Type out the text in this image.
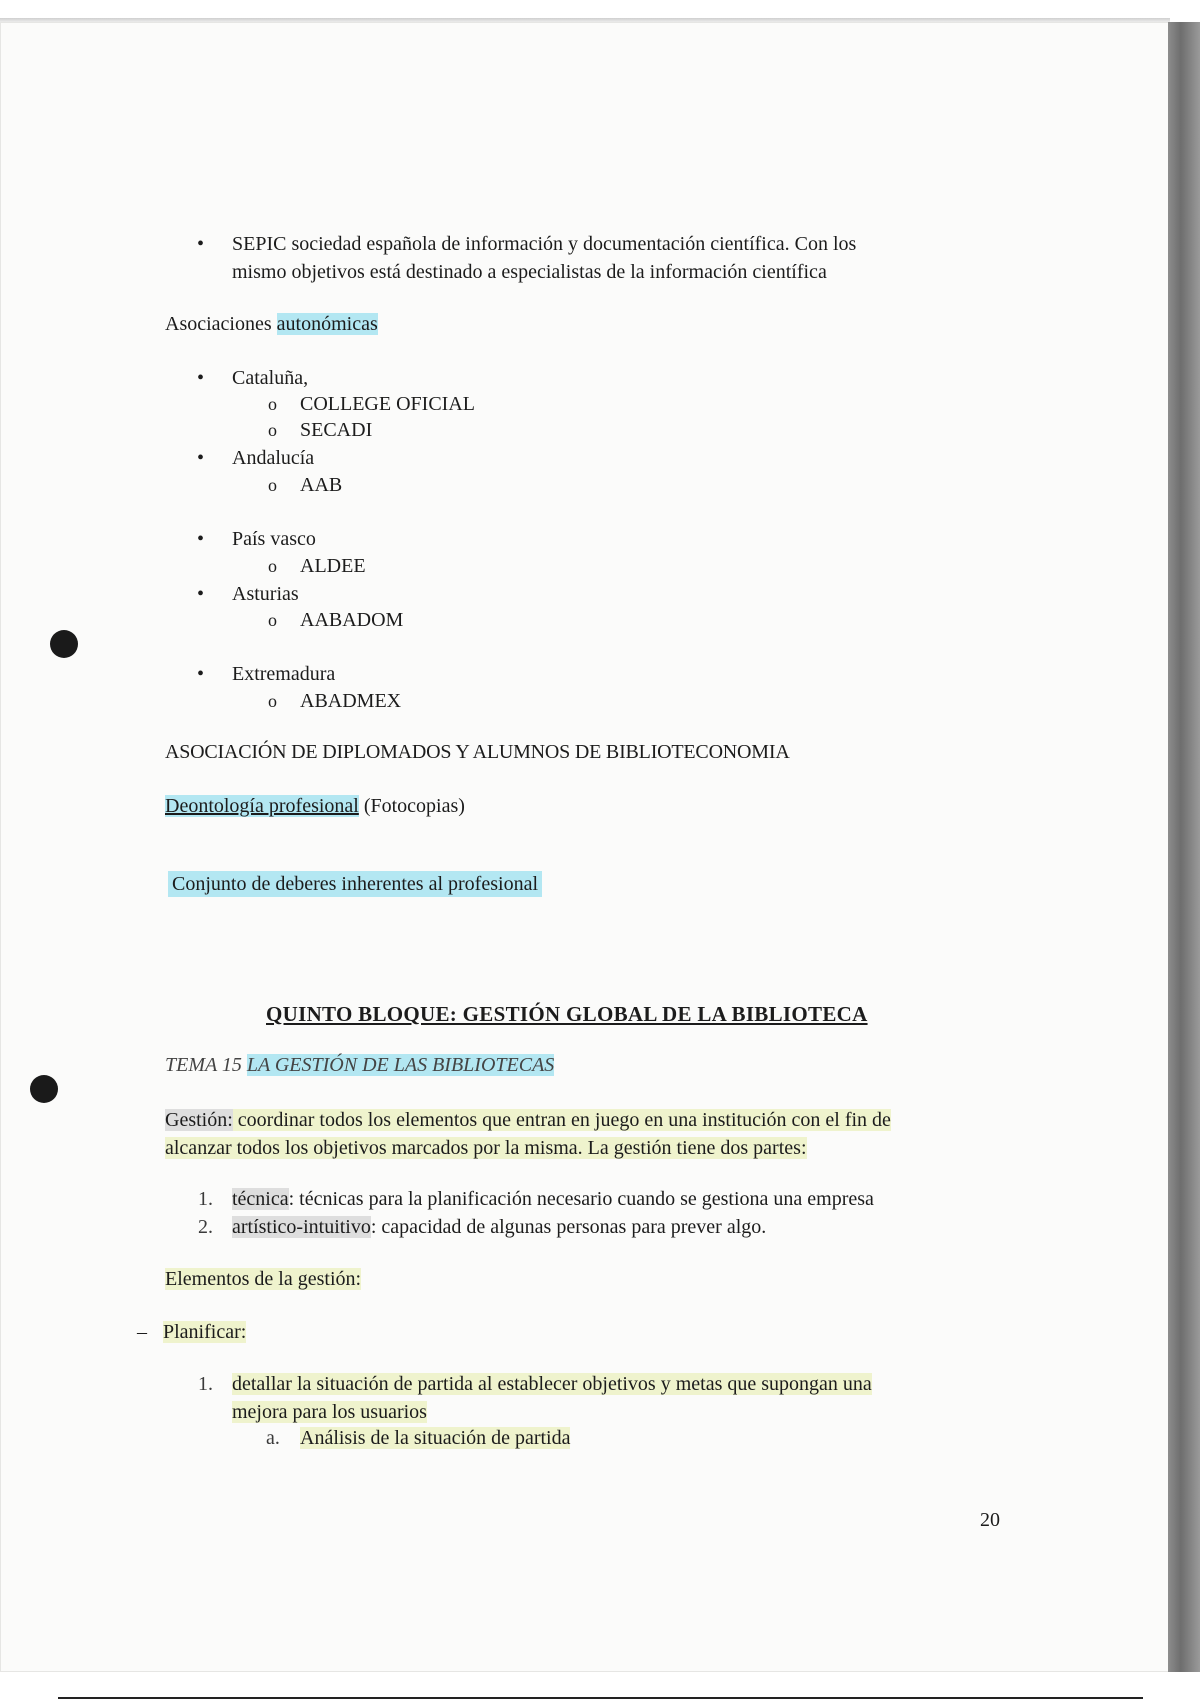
• SEPIC sociedad española de información y documentación científica. Con los
mismo objetivos está destinado a especialistas de la información científica
Asociaciones autonómicas
• Cataluña,
o COLLEGE OFICIAL
o SECADI
• Andalucía
o AAB
• País vasco
o ALDEE
• Asturias
o AABADOM
• Extremadura
o ABADMEX
ASOCIACIÓN DE DIPLOMADOS Y ALUMNOS DE BIBLIOTECONOMIA
Deontología profesional (Fotocopias)
Conjunto de deberes inherentes al profesional
QUINTO BLOQUE: GESTIÓN GLOBAL DE LA BIBLIOTECA
TEMA 15 LA GESTIÓN DE LAS BIBLIOTECAS
Gestión: coordinar todos los elementos que entran en juego en una institución con el fin de
alcanzar todos los objetivos marcados por la misma. La gestión tiene dos partes:
1. técnica: técnicas para la planificación necesario cuando se gestiona una empresa
2. artístico-intuitivo: capacidad de algunas personas para prever algo.
Elementos de la gestión:
– Planificar:
1. detallar la situación de partida al establecer objetivos y metas que supongan una
mejora para los usuarios
a. Análisis de la situación de partida
20
